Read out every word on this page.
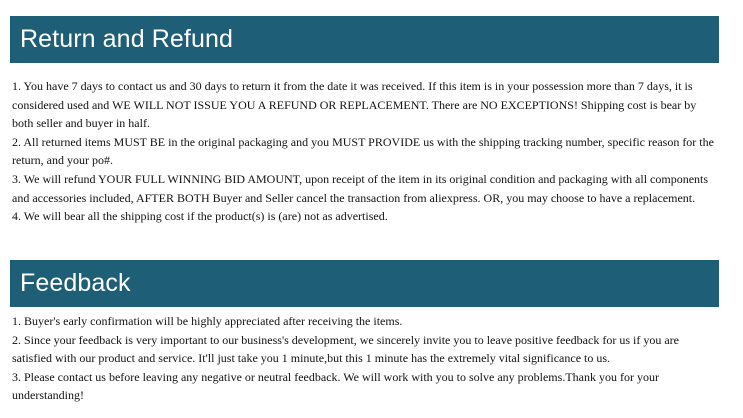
Return and Refund

1. You have 7 days to contact us and 30 days to return it from the date it was received. If this item is in your possession more than 7 days, it is considered used and WE WILL NOT ISSUE YOU A REFUND OR REPLACEMENT. There are NO EXCEPTIONS! Shipping cost is bear by both seller and buyer in half.

2. All returned items MUST BE in the original packaging and you MUST PROVIDE us with the shipping tracking number, specific reason for the return, and your po#.

3. We will refund YOUR FULL WINNING BID AMOUNT, upon receipt of the item in its original condition and packaging with all components and accessories included, AFTER BOTH Buyer and Seller cancel the transaction from aliexpress. OR, you may choose to have a replacement.

4. We will bear all the shipping cost if the product(s) is (are) not as advertised.

Feedback

1. Buyer's early confirmation will be highly appreciated after receiving the items.

2. Since your feedback is very important to our business's development, we sincerely invite you to leave positive feedback for us if you are satisfied with our product and service. It'll just take you 1 minute,but this 1 minute has the extremely vital significance to us.

3. Please contact us before leaving any negative or neutral feedback. We will work with you to solve any problems.Thank you for your understanding!
